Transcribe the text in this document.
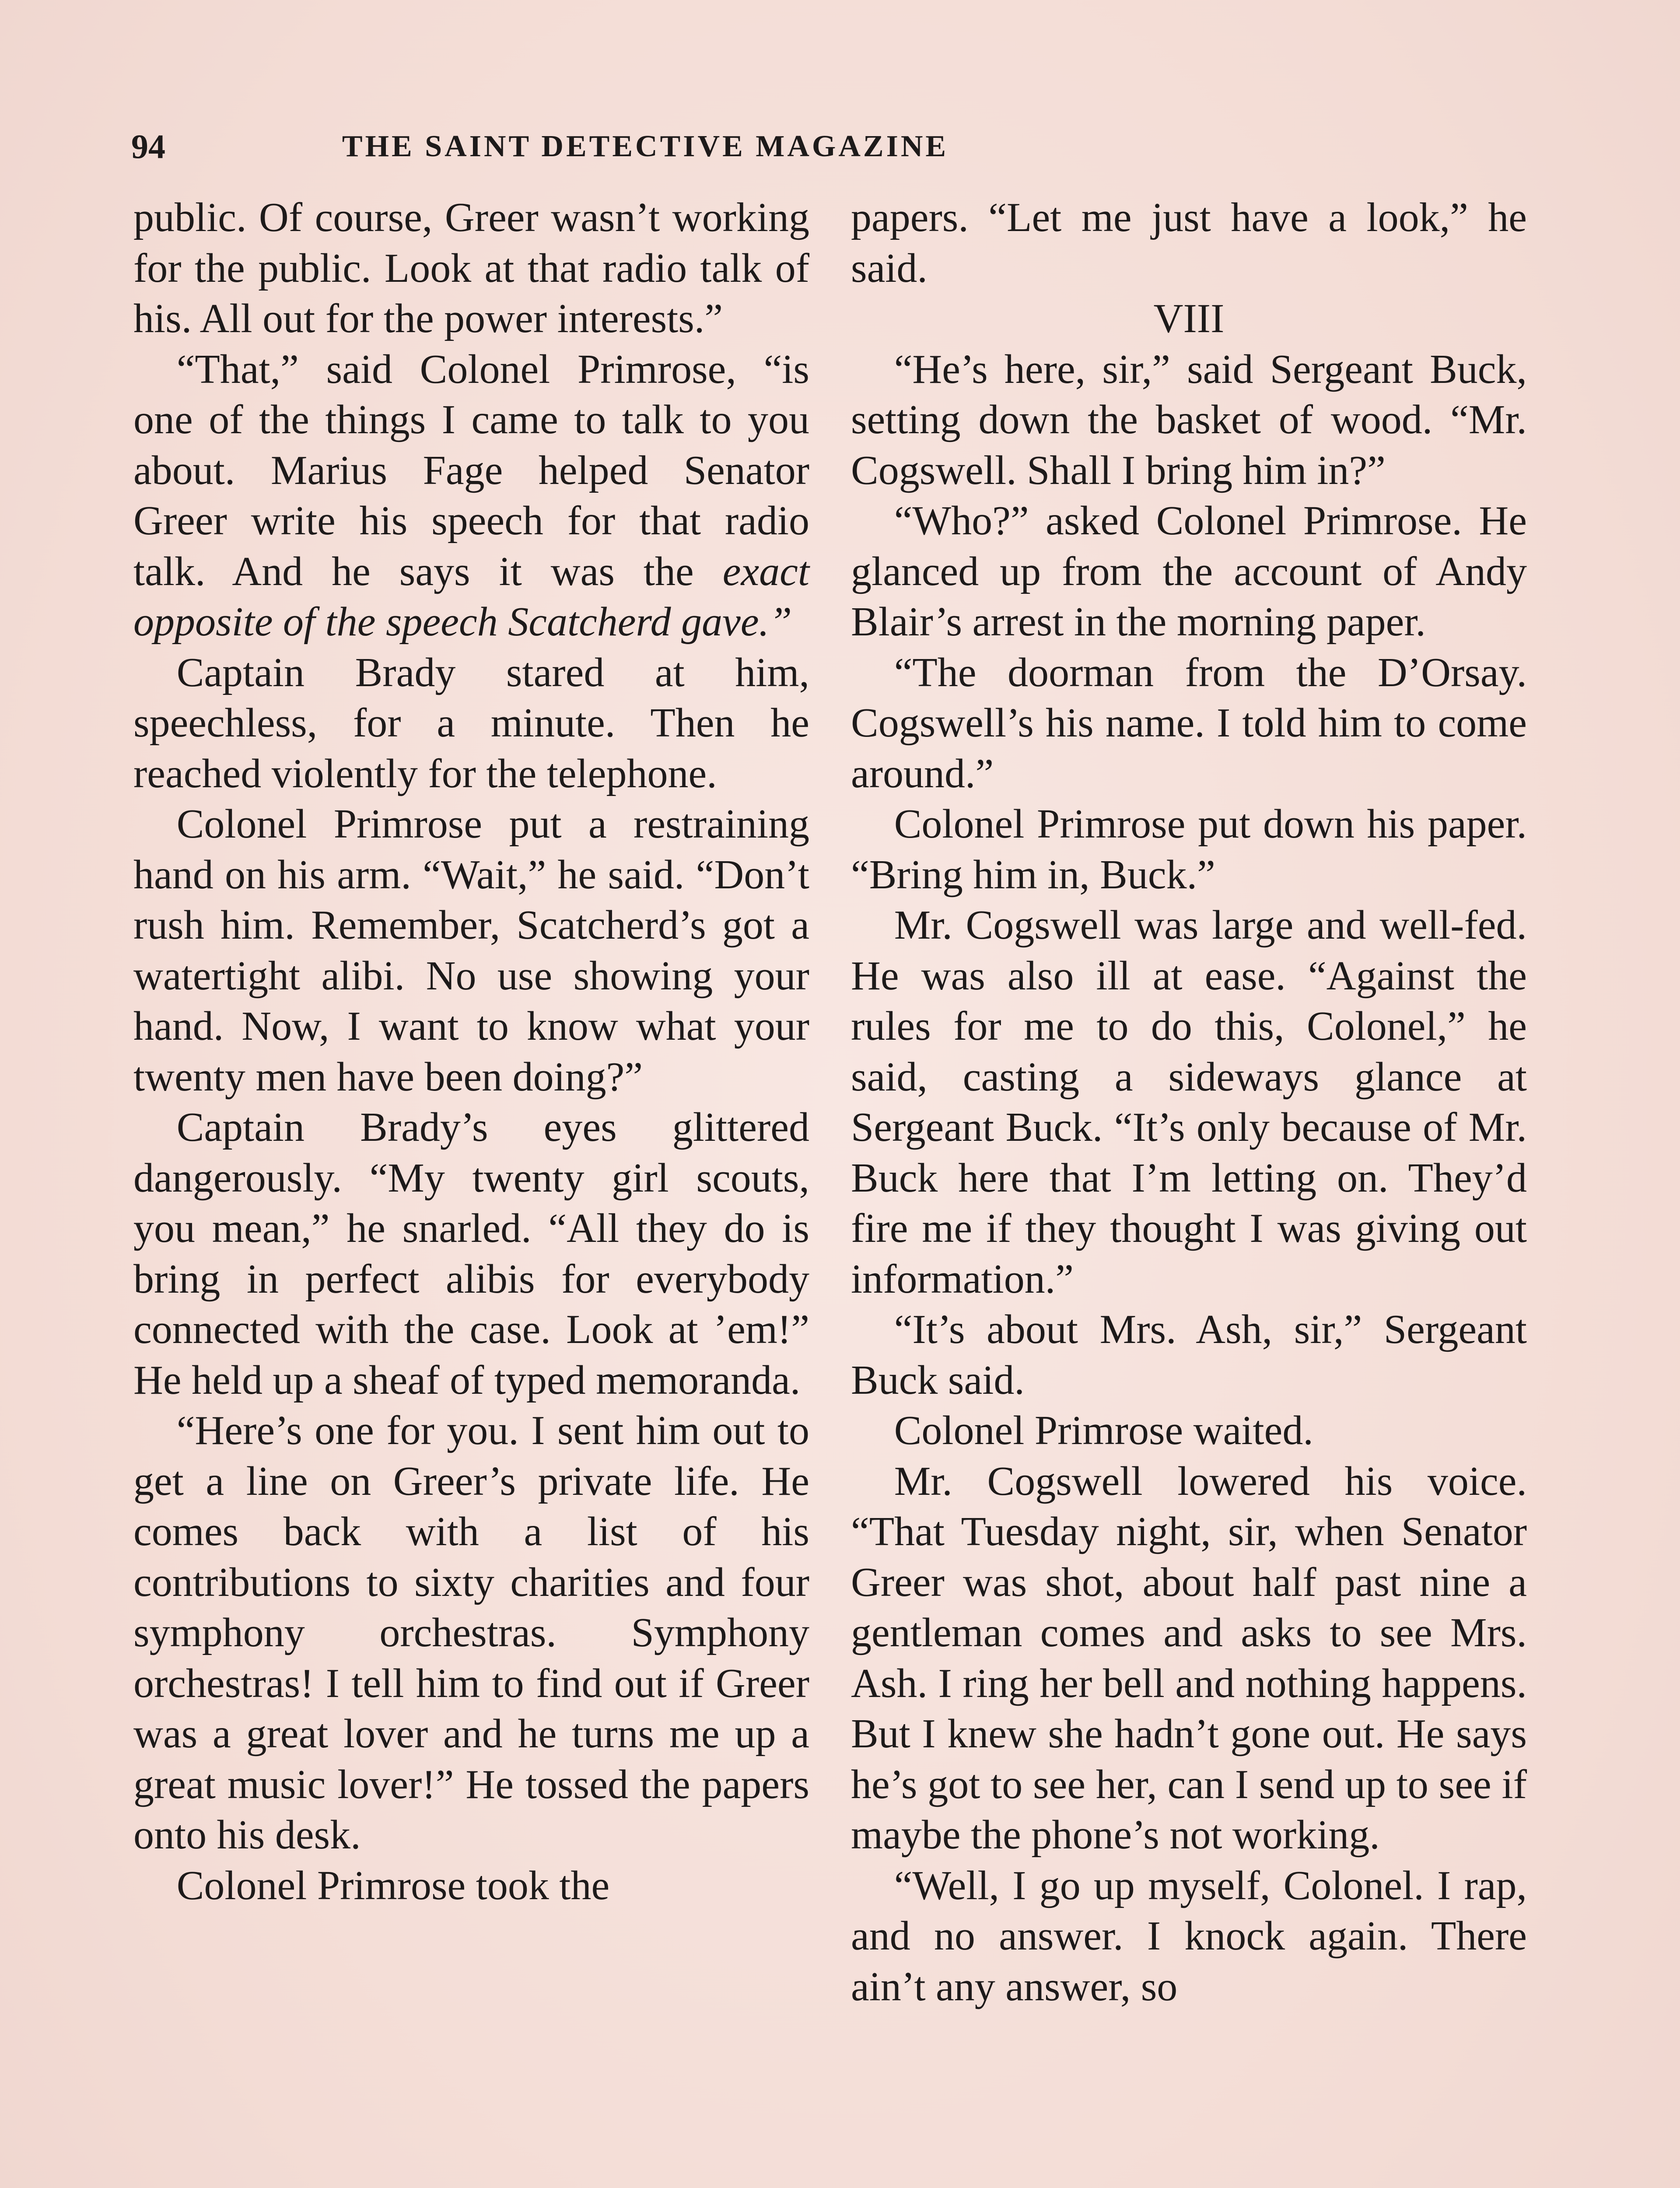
94	THE SAINT DETECTIVE MAGAZINE

public. Of course, Greer wasn’t working for the public. Look at that radio talk of his. All out for the power interests.”

“That,” said Colonel Primrose, “is one of the things I came to talk to you about. Marius Fage helped Senator Greer write his speech for that radio talk. And he says it was the exact opposite of the speech Scatcherd gave.”

Captain Brady stared at him, speechless, for a minute. Then he reached violently for the telephone.

Colonel Primrose put a restraining hand on his arm. “Wait,” he said. “Don’t rush him. Remember, Scatcherd’s got a watertight alibi. No use showing your hand. Now, I want to know what your twenty men have been doing?”

Captain Brady’s eyes glittered dangerously. “My twenty girl scouts, you mean,” he snarled. “All they do is bring in perfect alibis for everybody connected with the case. Look at ’em!” He held up a sheaf of typed memoranda.

“Here’s one for you. I sent him out to get a line on Greer’s private life. He comes back with a list of his contributions to sixty charities and four symphony orchestras. Symphony orchestras! I tell him to find out if Greer was a great lover and he turns me up a great music lover!” He tossed the papers onto his desk.

Colonel Primrose took the

papers. “Let me just have a look,” he said.

VIII

“He’s here, sir,” said Sergeant Buck, setting down the basket of wood. “Mr. Cogswell. Shall I bring him in?”

“Who?” asked Colonel Primrose. He glanced up from the account of Andy Blair’s arrest in the morning paper.

“The doorman from the D’Orsay. Cogswell’s his name. I told him to come around.”

Colonel Primrose put down his paper. “Bring him in, Buck.”

Mr. Cogswell was large and well-fed. He was also ill at ease. “Against the rules for me to do this, Colonel,” he said, casting a sideways glance at Sergeant Buck. “It’s only because of Mr. Buck here that I’m letting on. They’d fire me if they thought I was giving out information.”

“It’s about Mrs. Ash, sir,” Sergeant Buck said.

Colonel Primrose waited.

Mr. Cogswell lowered his voice. “That Tuesday night, sir, when Senator Greer was shot, about half past nine a gentleman comes and asks to see Mrs. Ash. I ring her bell and nothing happens. But I knew she hadn’t gone out. He says he’s got to see her, can I send up to see if maybe the phone’s not working.

“Well, I go up myself, Colonel. I rap, and no answer. I knock again. There ain’t any answer, so
